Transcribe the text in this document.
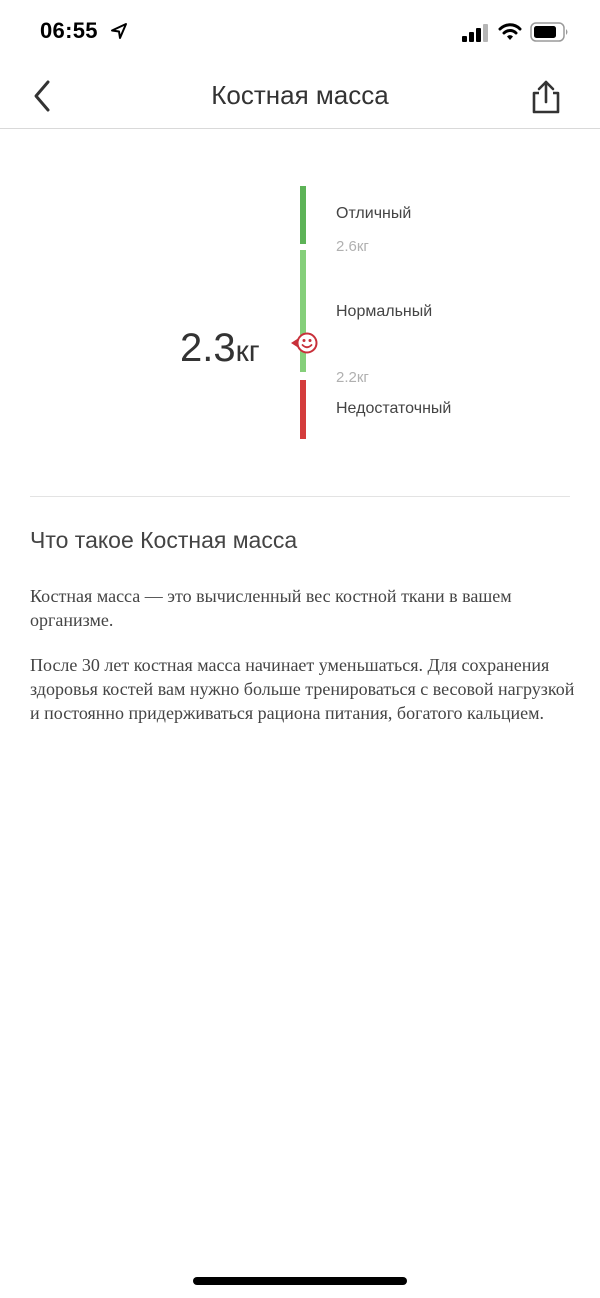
06:55
Костная масса
2.3кг
Отличный
2.6кг
Нормальный
2.2кг
Недостаточный
Что такое Костная масса

Костная масса — это вычисленный вес костной ткани в вашем организме.

После 30 лет костная масса начинает уменьшаться. Для сохранения здоровья костей вам нужно больше тренироваться с весовой нагрузкой и постоянно придерживаться рациона питания, богатого кальцием.
